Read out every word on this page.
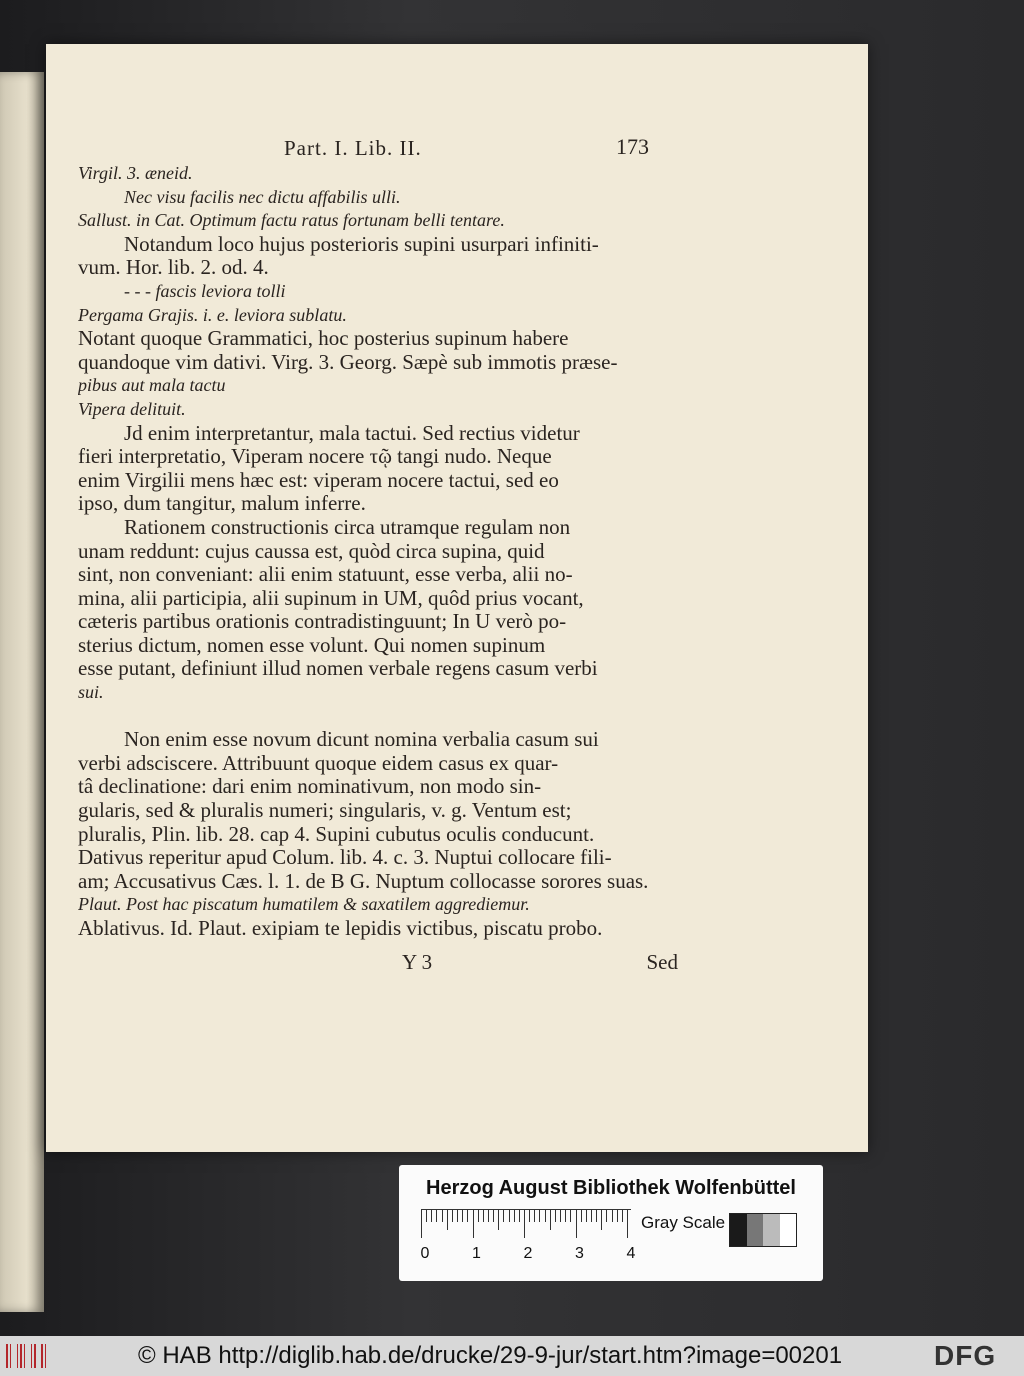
Part. I. Lib. II.	173
Virgil. 3. æneid.
Nec visu facilis nec dictu affabilis ulli.
Sallust. in Cat. Optimum factu ratus fortunam belli tentare.
Notandum loco hujus posterioris supini usurpari infiniti-
vum. Hor. lib. 2. od. 4.
- - - fascis leviora tolli
Pergama Grajis. i. e. leviora sublatu.
Notant quoque Grammatici, hoc posterius supinum habere
quandoque vim dativi. Virg. 3. Georg. Sæpè sub immotis præse-
pibus aut mala tactu
Vipera delituit.
Jd enim interpretantur, mala tactui. Sed rectius videtur
fieri interpretatio, Viperam nocere τῷ tangi nudo. Neque
enim Virgilii mens hæc est: viperam nocere tactui, sed eo
ipso, dum tangitur, malum inferre.
Rationem constructionis circa utramque regulam non
unam reddunt: cujus caussa est, quòd circa supina, quid
sint, non conveniant: alii enim statuunt, esse verba, alii no-
mina, alii participia, alii supinum in UM, quôd prius vocant,
cæteris partibus orationis contradistinguunt; In U verò po-
sterius dictum, nomen esse volunt. Qui nomen supinum
esse putant, definiunt illud nomen verbale regens casum verbi
sui.
Non enim esse novum dicunt nomina verbalia casum sui
verbi adsciscere. Attribuunt quoque eidem casus ex quar-
tâ declinatione: dari enim nominativum, non modo sin-
gularis, sed & pluralis numeri; singularis, v. g. Ventum est;
pluralis, Plin. lib. 28. cap 4. Supini cubutus oculis conducunt.
Dativus reperitur apud Colum. lib. 4. c. 3. Nuptui collocare fili-
am; Accusativus Cæs. l. 1. de B G. Nuptum collocasse sorores suas.
Plaut. Post hac piscatum humatilem & saxatilem aggrediemur.
Ablativus. Id. Plaut. exipiam te lepidis victibus, piscatu probo.
Y 3	Sed
Herzog August Bibliothek Wolfenbüttel
0	1	2	3	4
Gray Scale
© HAB http://diglib.hab.de/drucke/29-9-jur/start.htm?image=00201	DFG
